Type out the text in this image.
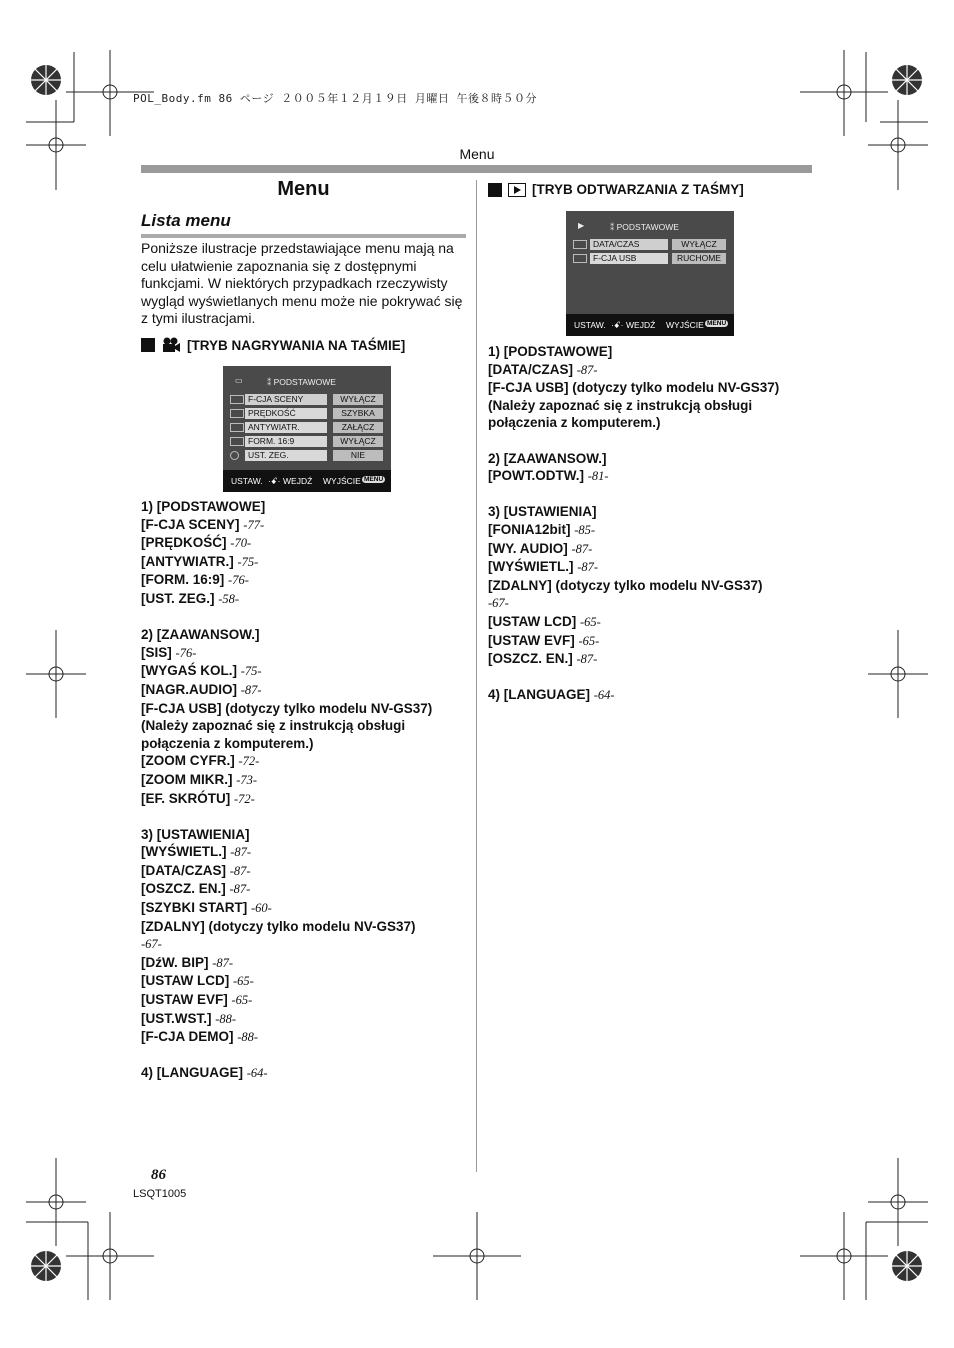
POL_Body.fm 86 ページ ２００５年１２月１９日 月曜日 午後８時５０分
Menu
Menu
Lista menu
Poniższe ilustracje przedstawiające menu mają na celu ułatwienie zapoznania się z dostępnymi funkcjami. W niektórych przypadkach rzeczywisty wygląd wyświetlanych menu może nie pokrywać się z tymi ilustracjami.
[TRYB NAGRYWANIA NA TAŚMIE]
▭	⁑ PODSTAWOWE
F-CJA SCENY	WYŁĄCZ
PRĘDKOŚĆ	SZYBKA
ANTYWIATR.	ZAŁĄCZ
FORM. 16:9	WYŁĄCZ
UST. ZEG.	NIE
USTAW. ·ꗃ· WEJDŹ WYJŚCIE MENU
1) [PODSTAWOWE]
[F-CJA SCENY] -77-
[PRĘDKOŚĆ] -70-
[ANTYWIATR.] -75-
[FORM. 16:9] -76-
[UST. ZEG.] -58-
2) [ZAAWANSOW.]
[SIS] -76-
[WYGAŚ KOL.] -75-
[NAGR.AUDIO] -87-
[F-CJA USB] (dotyczy tylko modelu NV-GS37)
(Należy zapoznać się z instrukcją obsługi połączenia z komputerem.)
[ZOOM CYFR.] -72-
[ZOOM MIKR.] -73-
[EF. SKRÓTU] -72-
3) [USTAWIENIA]
[WYŚWIETL.] -87-
[DATA/CZAS] -87-
[OSZCZ. EN.] -87-
[SZYBKI START] -60-
[ZDALNY] (dotyczy tylko modelu NV-GS37)
-67-
[DźW. BIP] -87-
[USTAW LCD] -65-
[USTAW EVF] -65-
[UST.WST.] -88-
[F-CJA DEMO] -88-
4) [LANGUAGE] -64-
[TRYB ODTWARZANIA Z TAŚMY]
▶	⁑ PODSTAWOWE
DATA/CZAS	WYŁĄCZ
F-CJA USB	RUCHOME
USTAW. ·ꗃ· WEJDŹ WYJŚCIE MENU
1) [PODSTAWOWE]
[DATA/CZAS] -87-
[F-CJA USB] (dotyczy tylko modelu NV-GS37)
(Należy zapoznać się z instrukcją obsługi połączenia z komputerem.)
2) [ZAAWANSOW.]
[POWT.ODTW.] -81-
3) [USTAWIENIA]
[FONIA12bit] -85-
[WY. AUDIO] -87-
[WYŚWIETL.] -87-
[ZDALNY] (dotyczy tylko modelu NV-GS37)
-67-
[USTAW LCD] -65-
[USTAW EVF] -65-
[OSZCZ. EN.] -87-
4) [LANGUAGE] -64-
86
LSQT1005
